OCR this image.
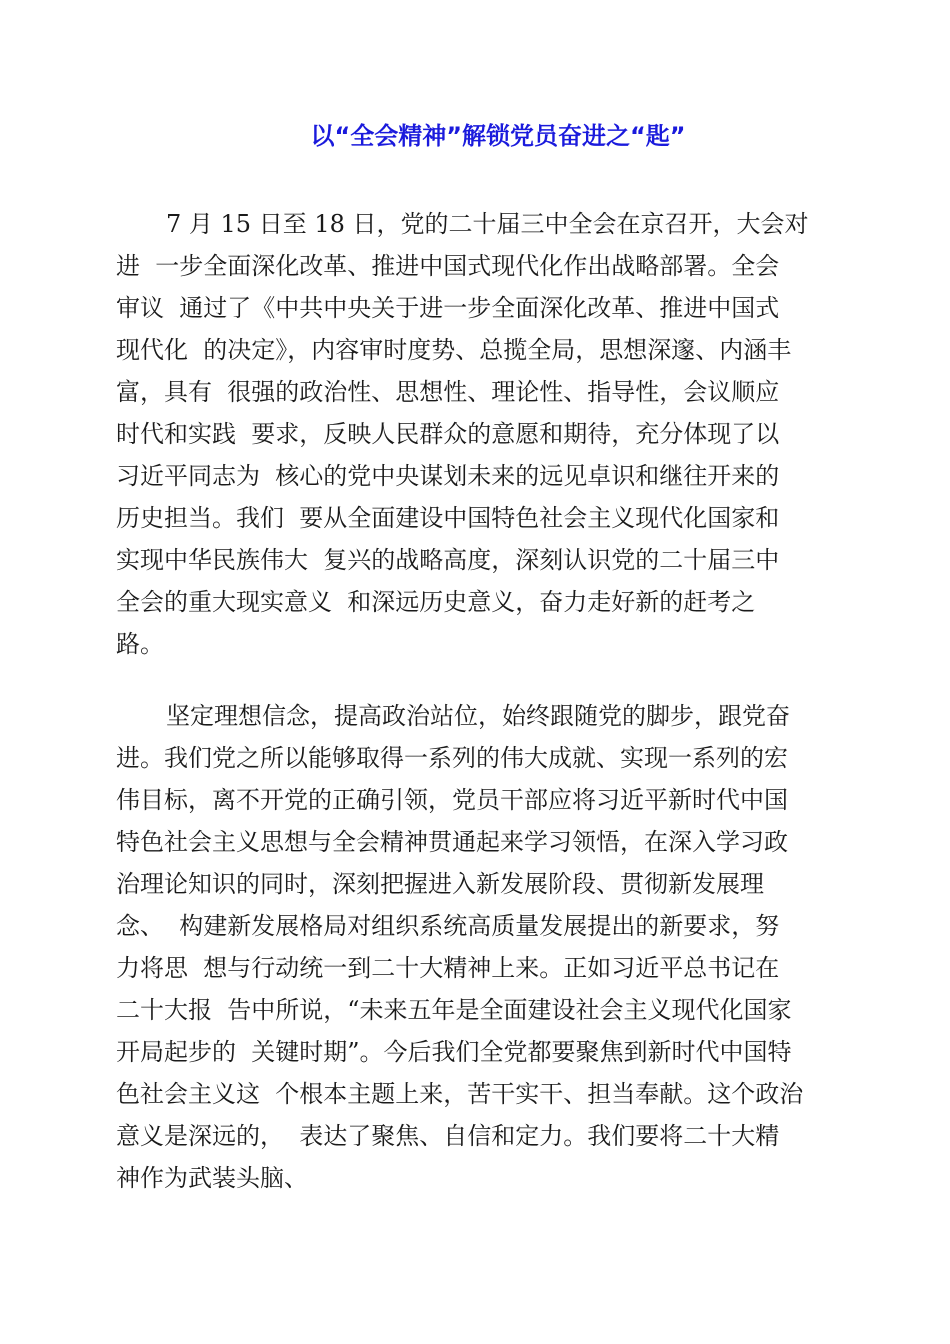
以“全会精神”解锁党员奋进之“匙”
7 月 15 日至 18 日，党的二十届三中全会在京召开，大会对
进  一步全面深化改革、推进中国式现代化作出战略部署。全会
审议  通过了《中共中央关于进一步全面深化改革、推进中国式
现代化  的决定》，内容审时度势、总揽全局，思想深邃、内涵丰
富，具有  很强的政治性、思想性、理论性、指导性，会议顺应
时代和实践  要求，反映人民群众的意愿和期待，充分体现了以
习近平同志为  核心的党中央谋划未来的远见卓识和继往开来的
历史担当。我们  要从全面建设中国特色社会主义现代化国家和
实现中华民族伟大  复兴的战略高度，深刻认识党的二十届三中
全会的重大现实意义  和深远历史意义，奋力走好新的赶考之
路。
坚定理想信念，提高政治站位，始终跟随党的脚步，跟党奋
进。我们党之所以能够取得一系列的伟大成就、实现一系列的宏
伟目标，离不开党的正确引领，党员干部应将习近平新时代中国
特色社会主义思想与全会精神贯通起来学习领悟，在深入学习政
治理论知识的同时，深刻把握进入新发展阶段、贯彻新发展理
念、  构建新发展格局对组织系统高质量发展提出的新要求，努
力将思  想与行动统一到二十大精神上来。正如习近平总书记在
二十大报  告中所说，“未来五年是全面建设社会主义现代化国家
开局起步的  关键时期”。今后我们全党都要聚焦到新时代中国特
色社会主义这  个根本主题上来，苦干实干、担当奉献。这个政治
意义是深远的，  表达了聚焦、自信和定力。我们要将二十大精
神作为武装头脑、
